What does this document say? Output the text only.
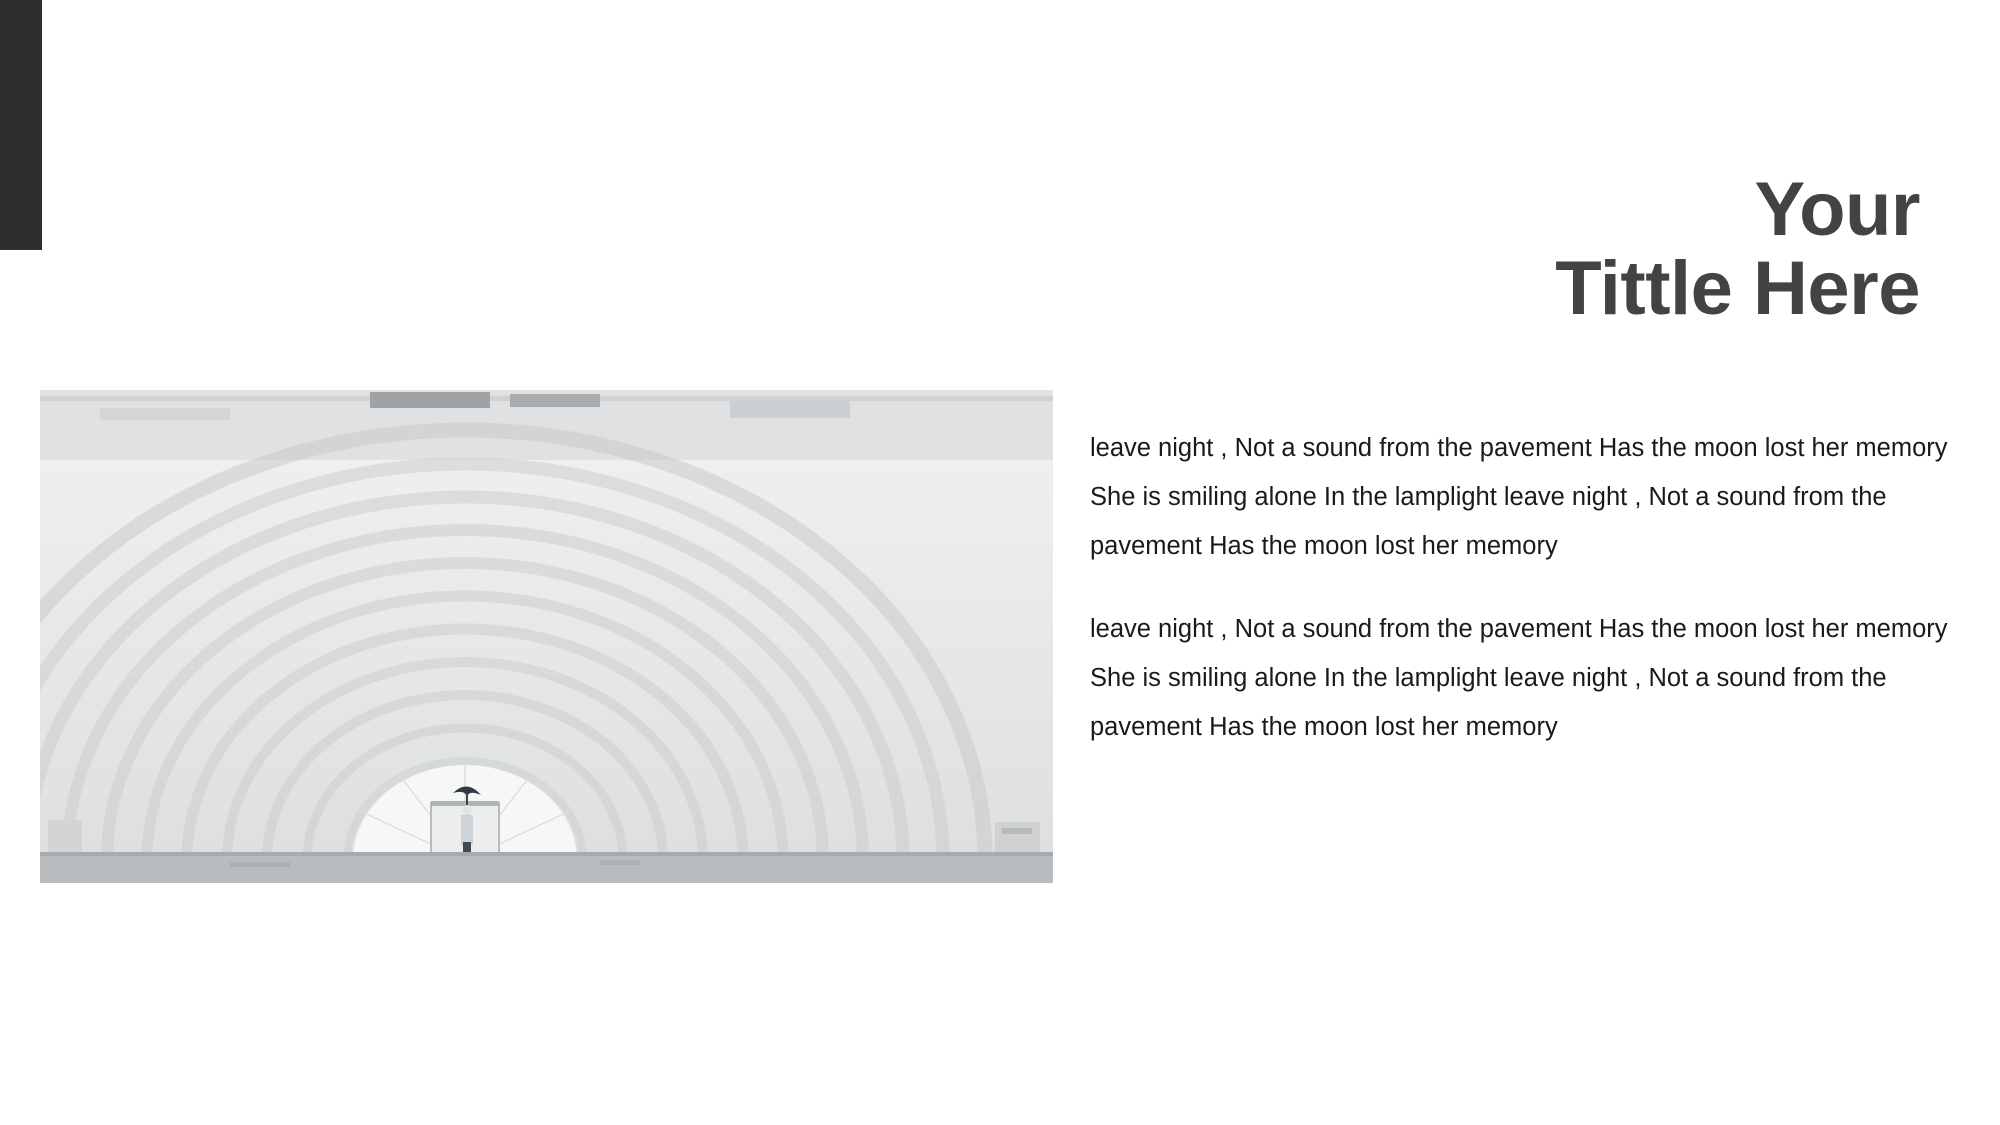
Your
Tittle Here

leave night , Not a sound from the pavement Has the moon lost her memory She is smiling alone In the lamplight leave night , Not a sound from the pavement Has the moon lost her memory

leave night , Not a sound from the pavement Has the moon lost her memory She is smiling alone In the lamplight leave night , Not a sound from the pavement Has the moon lost her memory
